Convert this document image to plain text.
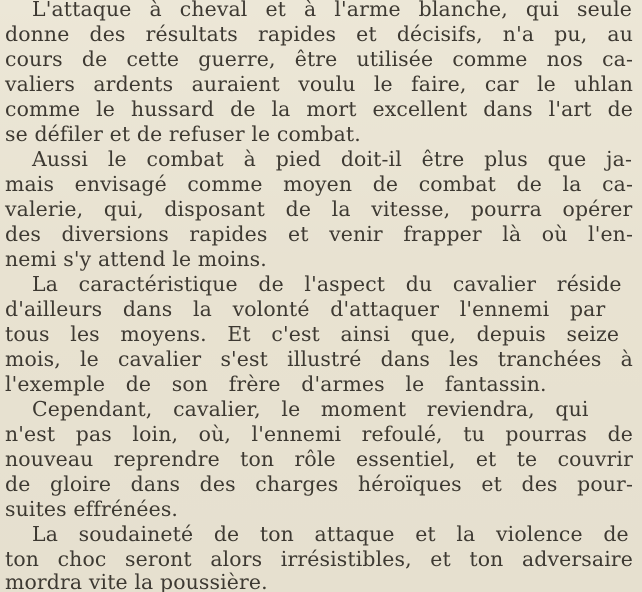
L'attaque à cheval et à l'arme blanche, qui seule
donne des résultats rapides et décisifs, n'a pu, au
cours de cette guerre, être utilisée comme nos ca-
valiers ardents auraient voulu le faire, car le uhlan
comme le hussard de la mort excellent dans l'art de
se défiler et de refuser le combat.
Aussi le combat à pied doit-il être plus que ja-
mais envisagé comme moyen de combat de la ca-
valerie, qui, disposant de la vitesse, pourra opérer
des diversions rapides et venir frapper là où l'en-
nemi s'y attend le moins.
La caractéristique de l'aspect du cavalier réside
d'ailleurs dans la volonté d'attaquer l'ennemi par
tous les moyens. Et c'est ainsi que, depuis seize
mois, le cavalier s'est illustré dans les tranchées à
l'exemple de son frère d'armes le fantassin.
Cependant, cavalier, le moment reviendra, qui
n'est pas loin, où, l'ennemi refoulé, tu pourras de
nouveau reprendre ton rôle essentiel, et te couvrir
de gloire dans des charges héroïques et des pour-
suites effrénées.
La soudaineté de ton attaque et la violence de
ton choc seront alors irrésistibles, et ton adversaire
mordra vite la poussière.
